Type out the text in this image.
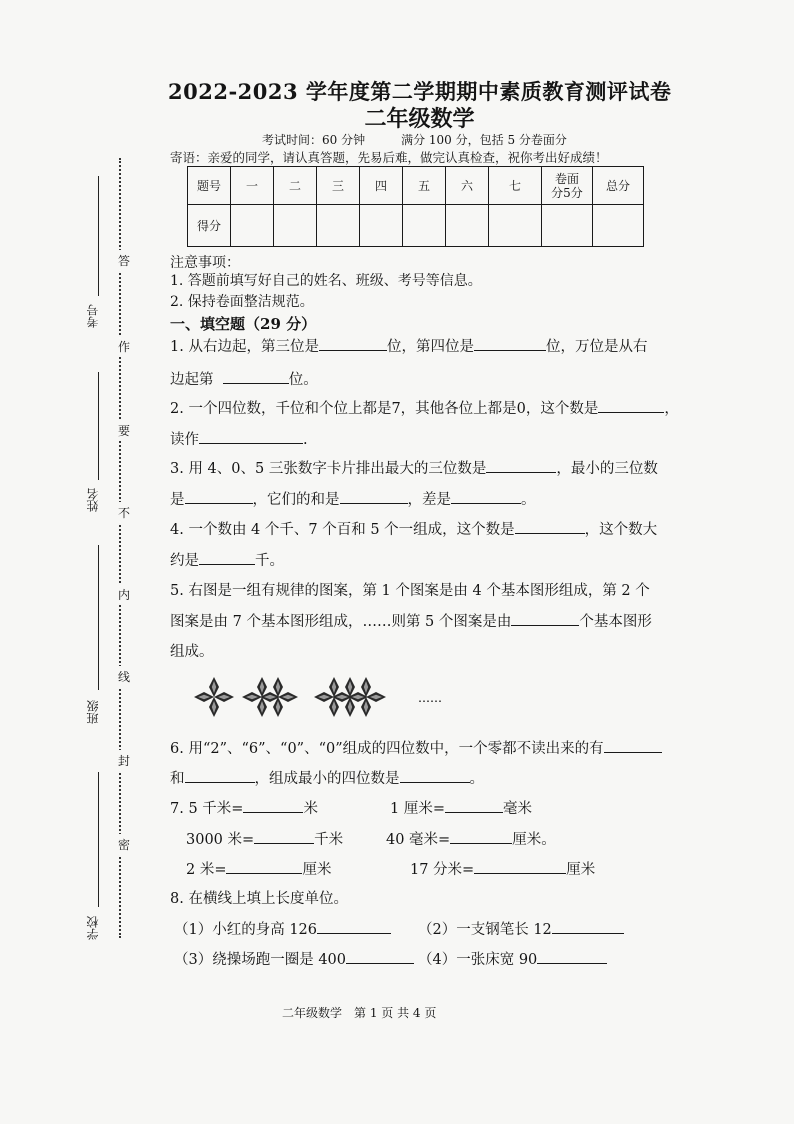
答
作
要
不
内
线
封
密
考号
姓名
班级
学校
2022-2023 学年度第二学期期中素质教育测评试卷
二年级数学
考试时间：60 分钟	满分 100 分，包括 5 分卷面分
寄语：亲爱的同学，请认真答题，先易后难，做完认真检查，祝你考出好成绩！
题号	一	二	三	四	五	六	七	卷面分5分	总分
得分									
注意事项：
1. 答题前填写好自己的姓名、班级、考号等信息。
2. 保持卷面整洁规范。
一、填空题（29 分）
1. 从右边起，第三位是	位，第四位是	位，万位是从右
边起第	位。
2. 一个四位数，千位和个位上都是7，其他各位上都是0，这个数是	，
读作	.
3. 用 4、0、5 三张数字卡片排出最大的三位数是	，最小的三位数
是	，它们的和是	，差是	。
4. 一个数由 4 个千、7 个百和 5 个一组成，这个数是	，这个数大
约是	千。
5. 右图是一组有规律的图案，第 1 个图案是由 4 个基本图形组成，第 2 个
图案是由 7 个基本图形组成，……则第 5 个图案是由	个基本图形
组成。
……
6. 用“2”、“6”、“0”、“0”组成的四位数中，一个零都不读出来的有
和	，组成最小的四位数是	。
7. 5 千米=	米	1 厘米=	毫米
3000 米=	千米	40 毫米=	厘米。
2 米=	厘米	17 分米=	厘米
8. 在横线上填上长度单位。
（1）小红的身高 126	（2）一支钢笔长 12
（3）绕操场跑一圈是 400	（4）一张床宽 90
二年级数学　第 1 页 共 4 页
